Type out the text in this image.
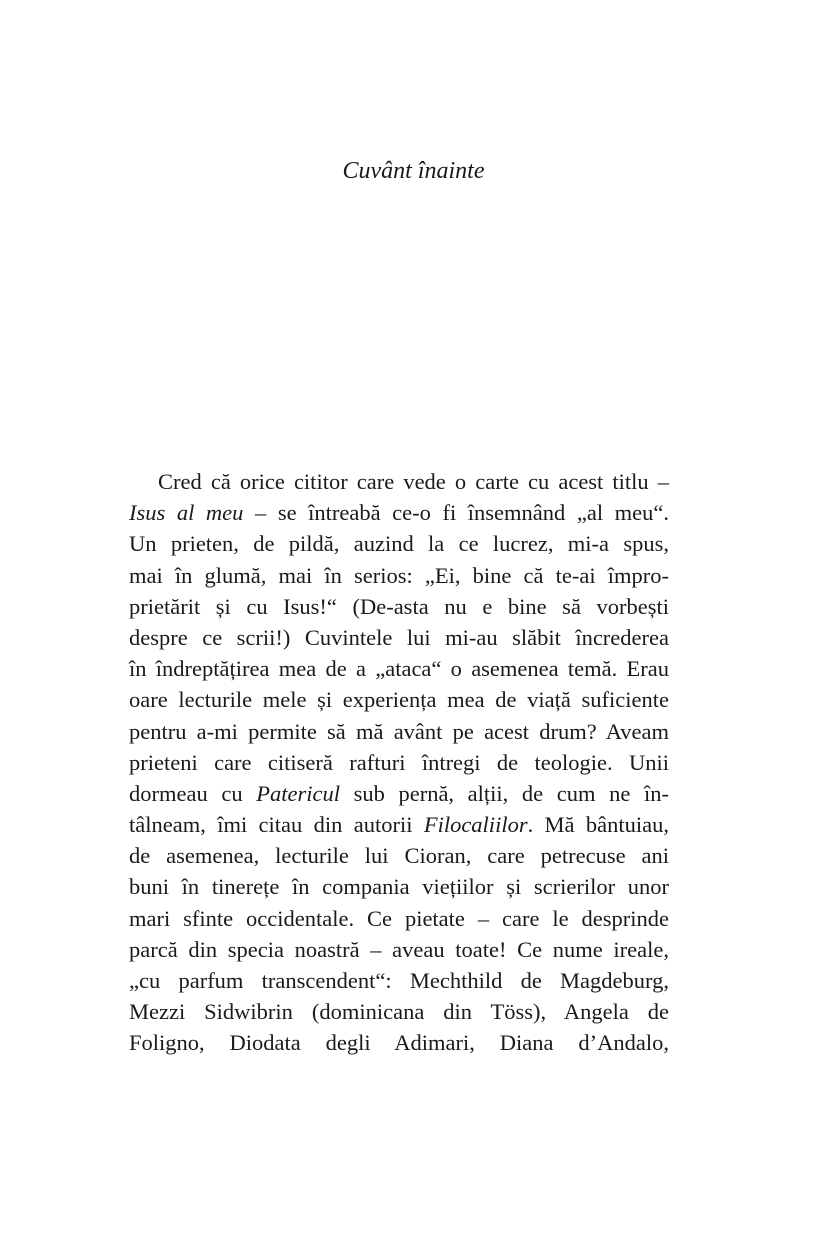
Cuvânt înainte
Cred că orice cititor care vede o carte cu acest titlu –
Isus al meu – se întreabă ce-o fi însemnând „al meu“.
Un prieten, de pildă, auzind la ce lucrez, mi-a spus,
mai în glumă, mai în serios: „Ei, bine că te-ai împro-
prietărit și cu Isus!“ (De-asta nu e bine să vorbești
despre ce scrii!) Cuvintele lui mi-au slăbit încrederea
în îndreptățirea mea de a „ataca“ o asemenea temă. Erau
oare lecturile mele și experiența mea de viață suficiente
pentru a-mi permite să mă avânt pe acest drum? Aveam
prieteni care citiseră rafturi întregi de teologie. Unii
dormeau cu Patericul sub pernă, alții, de cum ne în-
tâlneam, îmi citau din autorii Filocaliilor. Mă bântuiau,
de asemenea, lecturile lui Cioran, care petrecuse ani
buni în tinerețe în compania viețiilor și scrierilor unor
mari sfinte occidentale. Ce pietate – care le desprinde
parcă din specia noastră – aveau toate! Ce nume ireale,
„cu parfum transcendent“: Mechthild de Magdeburg,
Mezzi Sidwibrin (dominicana din Töss), Angela de
Foligno, Diodata degli Adimari, Diana d’Andalo,
